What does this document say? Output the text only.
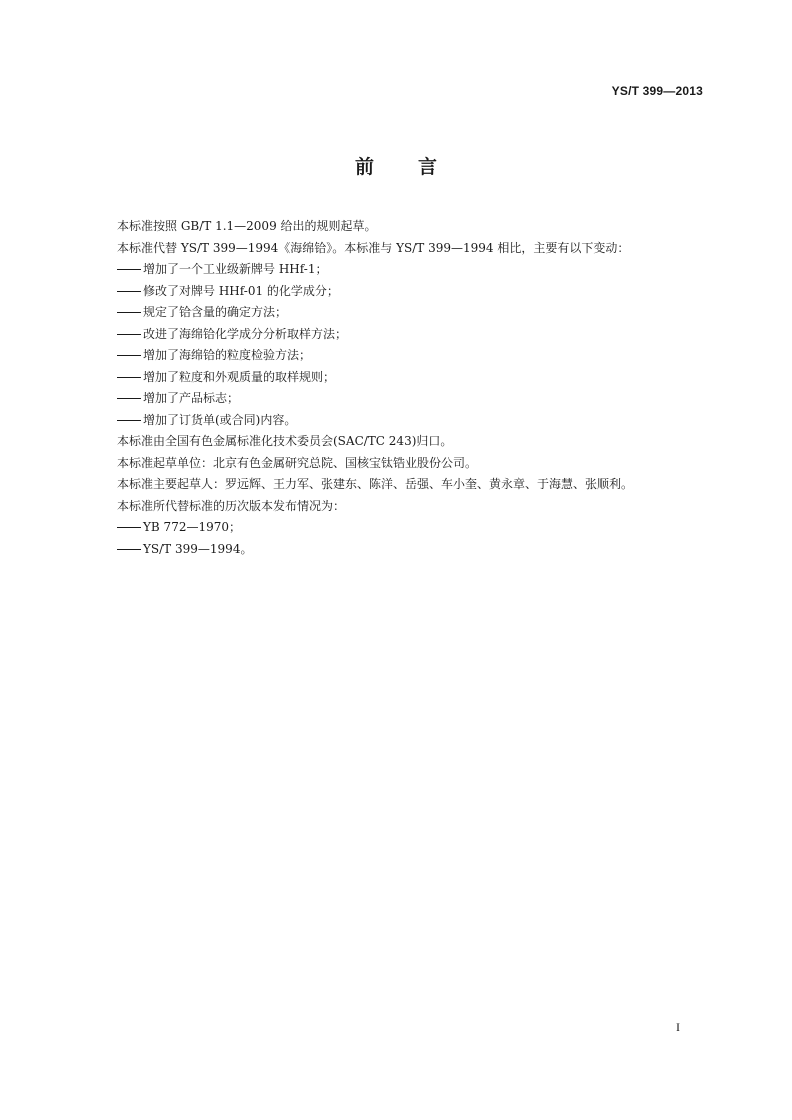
YS/T 399—2013
前言
本标准按照 GB/T 1.1—2009 给出的规则起草。
本标准代替 YS/T 399—1994《海绵铪》。本标准与 YS/T 399—1994 相比，主要有以下变动：
增加了一个工业级新牌号 HHf-1；
修改了对牌号 HHf-01 的化学成分；
规定了铪含量的确定方法；
改进了海绵铪化学成分分析取样方法；
增加了海绵铪的粒度检验方法；
增加了粒度和外观质量的取样规则；
增加了产品标志；
增加了订货单(或合同)内容。
本标准由全国有色金属标准化技术委员会(SAC/TC 243)归口。
本标准起草单位：北京有色金属研究总院、国核宝钛锆业股份公司。
本标准主要起草人：罗远辉、王力军、张建东、陈洋、岳强、车小奎、黄永章、于海慧、张顺利。
本标准所代替标准的历次版本发布情况为：
YB 772—1970；
YS/T 399—1994。
I
